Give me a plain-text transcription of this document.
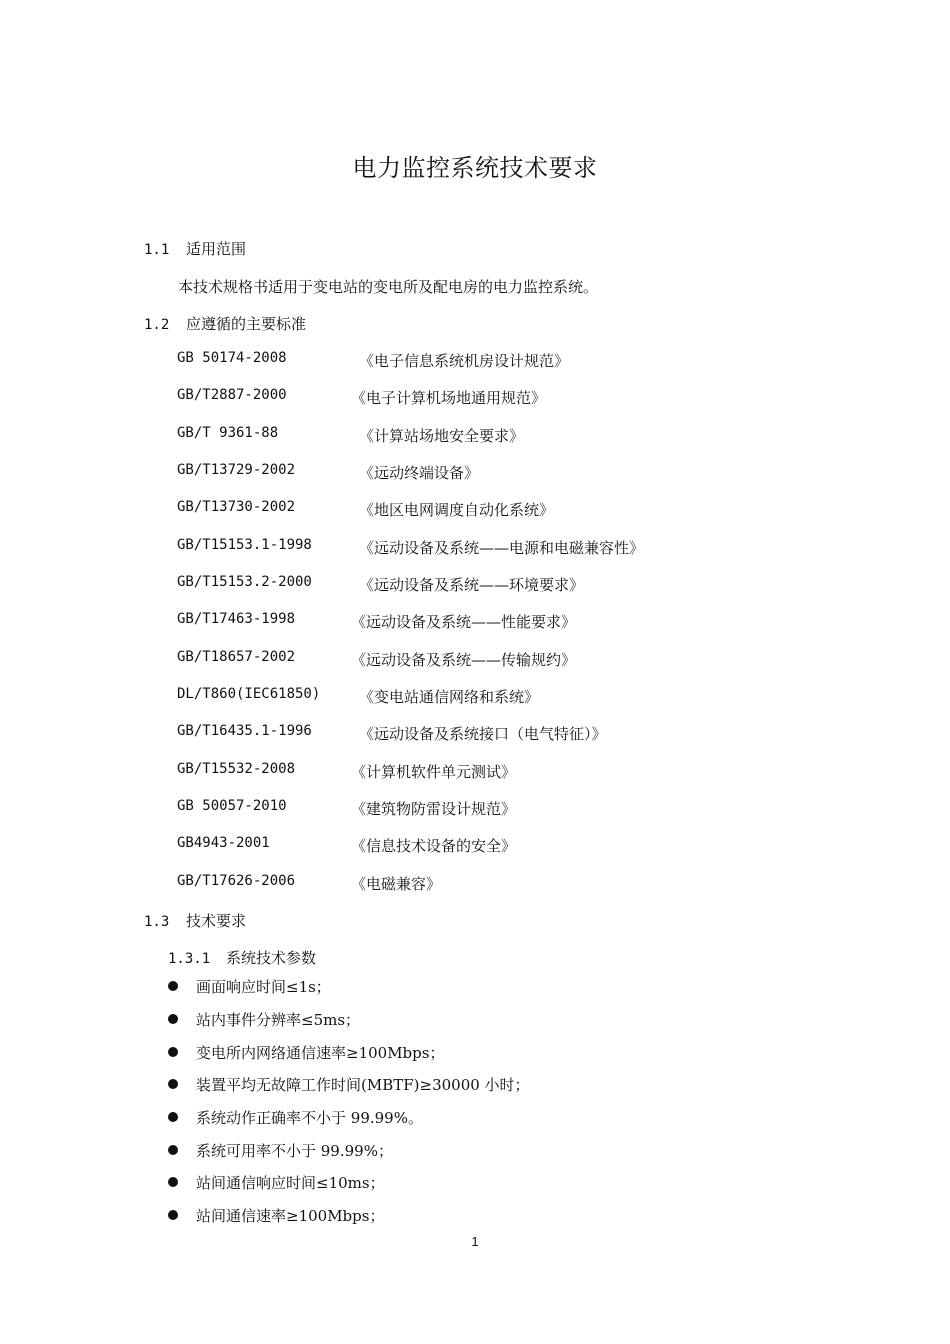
电力监控系统技术要求
1.1 适用范围
本技术规格书适用于变电站的变电所及配电房的电力监控系统。
1.2 应遵循的主要标准
GB 50174-2008	《电子信息系统机房设计规范》
GB/T2887-2000	《电子计算机场地通用规范》
GB/T 9361-88	《计算站场地安全要求》
GB/T13729-2002	《远动终端设备》
GB/T13730-2002	《地区电网调度自动化系统》
GB/T15153.1-1998	《远动设备及系统——电源和电磁兼容性》
GB/T15153.2-2000	《远动设备及系统——环境要求》
GB/T17463-1998	《远动设备及系统——性能要求》
GB/T18657-2002	《远动设备及系统——传输规约》
DL/T860(IEC61850)	《变电站通信网络和系统》
GB/T16435.1-1996	《远动设备及系统接口（电气特征）》
GB/T15532-2008	《计算机软件单元测试》
GB 50057-2010	《建筑物防雷设计规范》
GB4943-2001	《信息技术设备的安全》
GB/T17626-2006	《电磁兼容》
1.3 技术要求
1.3.1 系统技术参数
画面响应时间≤1s；
站内事件分辨率≤5ms；
变电所内网络通信速率≥100Mbps；
装置平均无故障工作时间(MBTF)≥30000 小时；
系统动作正确率不小于 99.99%。
系统可用率不小于 99.99%；
站间通信响应时间≤10ms；
站间通信速率≥100Mbps；
1
